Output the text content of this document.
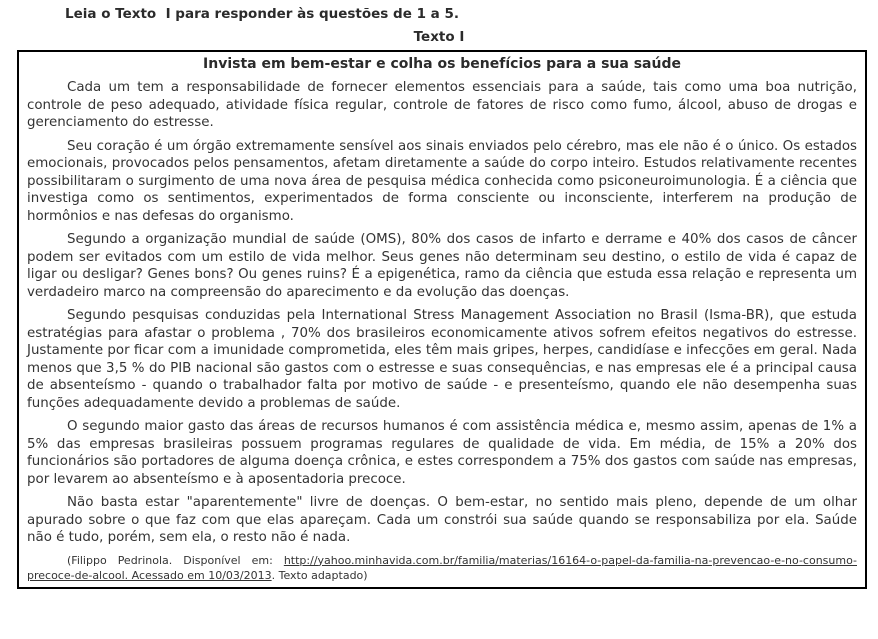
Leia o Texto  I para responder às questões de 1 a 5.
Texto I
Invista em bem-estar e colha os benefícios para a sua saúde

Cada um tem a responsabilidade de fornecer elementos essenciais para a saúde, tais como uma boa nutrição, controle de peso adequado, atividade física regular, controle de fatores de risco como fumo, álcool, abuso de drogas e gerenciamento do estresse.

Seu coração é um órgão extremamente sensível aos sinais enviados pelo cérebro, mas ele não é o único. Os estados emocionais, provocados pelos pensamentos, afetam diretamente a saúde do corpo inteiro. Estudos relativamente recentes possibilitaram o surgimento de uma nova área de pesquisa médica conhecida como psiconeuroimunologia. É a ciência que investiga como os sentimentos, experimentados de forma consciente ou inconsciente, interferem na produção de hormônios e nas defesas do organismo.

Segundo a organização mundial de saúde (OMS), 80% dos casos de infarto e derrame e 40% dos casos de câncer podem ser evitados com um estilo de vida melhor. Seus genes não determinam seu destino, o estilo de vida é capaz de ligar ou desligar? Genes bons? Ou genes ruins? É a epigenética, ramo da ciência que estuda essa relação e representa um verdadeiro marco na compreensão do aparecimento e da evolução das doenças.

Segundo pesquisas conduzidas pela International Stress Management Association no Brasil (Isma-BR), que estuda estratégias para afastar o problema , 70% dos brasileiros economicamente ativos sofrem efeitos negativos do estresse. Justamente por ficar com a imunidade comprometida, eles têm mais gripes, herpes, candidíase e infecções em geral. Nada menos que 3,5 % do PIB nacional são gastos com o estresse e suas consequências, e nas empresas ele é a principal causa de absenteísmo - quando o trabalhador falta por motivo de saúde - e presenteísmo, quando ele não desempenha suas funções adequadamente devido a problemas de saúde.

O segundo maior gasto das áreas de recursos humanos é com assistência médica e, mesmo assim, apenas de 1% a 5% das empresas brasileiras possuem programas regulares de qualidade de vida. Em média, de 15% a 20% dos funcionários são portadores de alguma doença crônica, e estes correspondem a 75% dos gastos com saúde nas empresas, por levarem ao absenteísmo e à aposentadoria precoce.

Não basta estar "aparentemente" livre de doenças. O bem-estar, no sentido mais pleno, depende de um olhar apurado sobre o que faz com que elas apareçam. Cada um constrói sua saúde quando se responsabiliza por ela. Saúde não é tudo, porém, sem ela, o resto não é nada.

(Filippo Pedrinola. Disponível em: http://yahoo.minhavida.com.br/familia/materias/16164-o-papel-da-familia-na-prevencao-e-no-consumo-precoce-de-alcool. Acessado em 10/03/2013. Texto adaptado)
